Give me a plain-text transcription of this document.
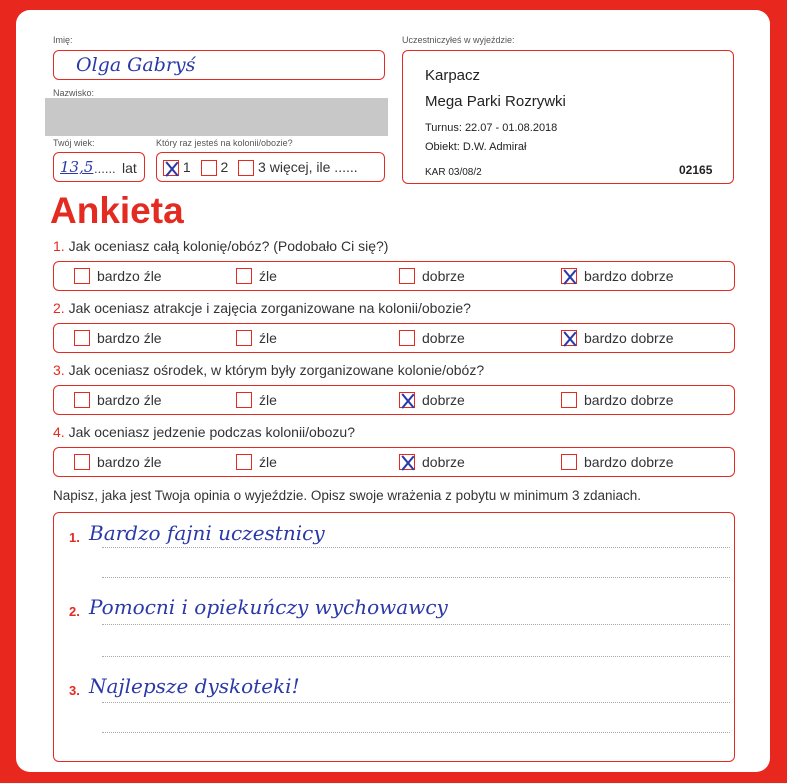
Imię:
Olga Gabryś
Nazwisko:
Twój wiek:
13,5 ...... lat
Który raz jesteś na kolonii/obozie?
1 2 3 więcej, ile ......
Uczestniczyłeś w wyjeździe:
Karpacz
Mega Parki Rozrywki
Turnus: 22.07 - 01.08.2018
Obiekt: D.W. Admirał
KAR 03/08/2	02165
Ankieta
1. Jak oceniasz całą kolonię/obóz? (Podobało Ci się?)
bardzo źle	źle	dobrze	bardzo dobrze
2. Jak oceniasz atrakcje i zajęcia zorganizowane na kolonii/obozie?
bardzo źle	źle	dobrze	bardzo dobrze
3. Jak oceniasz ośrodek, w którym były zorganizowane kolonie/obóz?
bardzo źle	źle	dobrze	bardzo dobrze
4. Jak oceniasz jedzenie podczas kolonii/obozu?
bardzo źle	źle	dobrze	bardzo dobrze
Napisz, jaka jest Twoja opinia o wyjeździe. Opisz swoje wrażenia z pobytu w minimum 3 zdaniach.
1. Bardzo fajni uczestnicy
2. Pomocni i opiekuńczy wychowawcy
3. Najlepsze dyskoteki!
